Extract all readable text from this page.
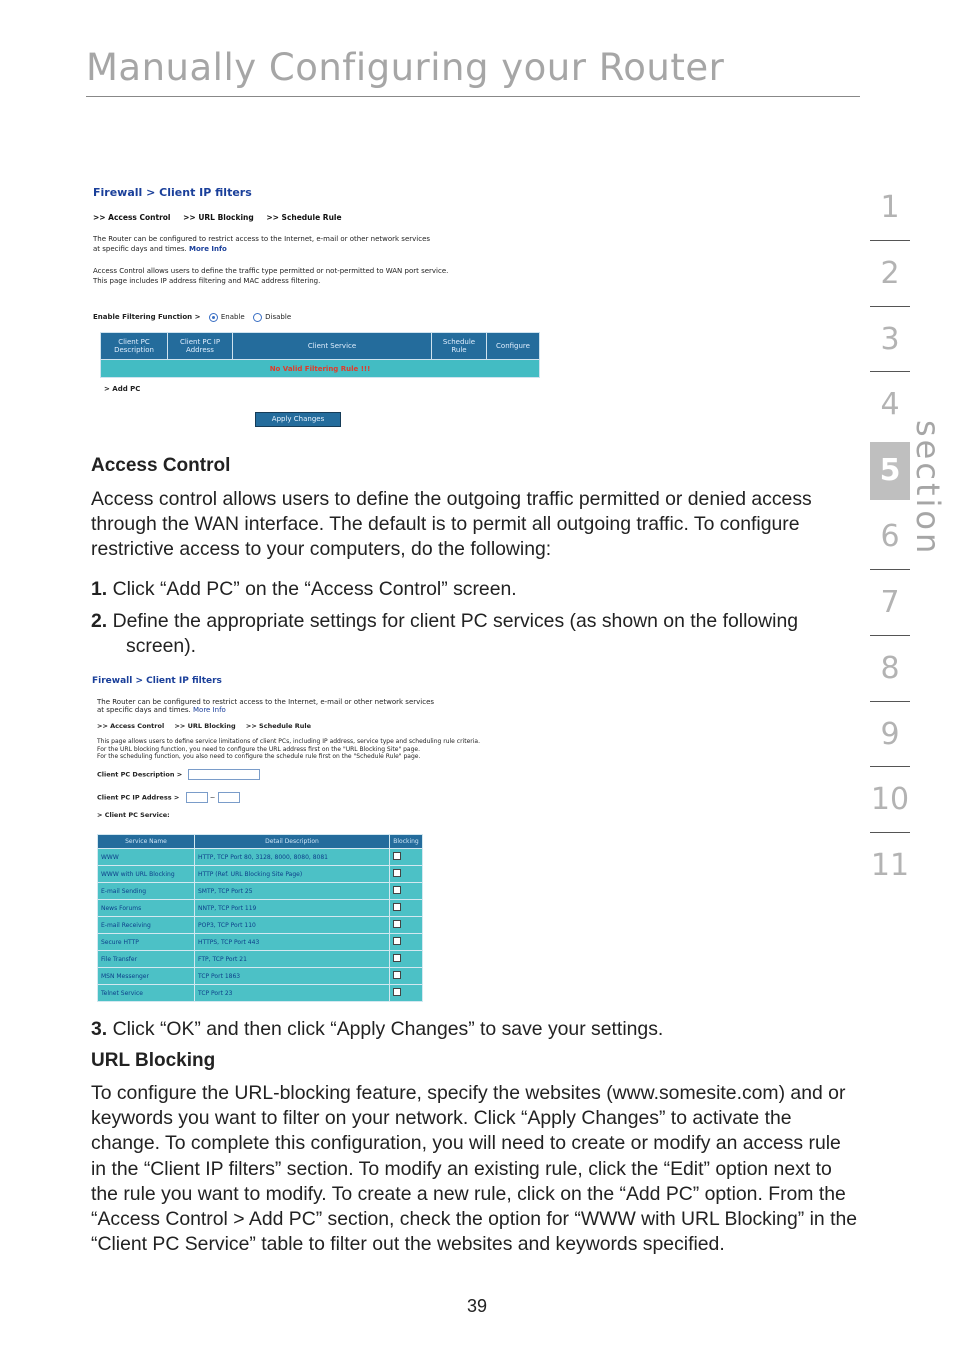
Manually Configuring your Router
1
2
3
4
5
6
7
8
9
10
11
section
Firewall > Client IP filters
>> Access Control >> URL Blocking >> Schedule Rule
The Router can be configured to restrict access to the Internet, e-mail or other network services
at specific days and times. More Info
Access Control allows users to define the traffic type permitted or not-permitted to WAN port service.
This page includes IP address filtering and MAC address filtering.
Enable Filtering Function >	Enable	Disable
Client PC Description	Client PC IP Address	Client Service	Schedule Rule	Configure
No Valid Filtering Rule !!!
> Add PC
Apply Changes
Access Control
Access control allows users to define the outgoing traffic permitted or denied access through the WAN interface. The default is to permit all outgoing traffic. To configure restrictive access to your computers, do the following:
1. Click “Add PC” on the “Access Control” screen.
2. Define the appropriate settings for client PC services (as shown on the following
screen).
Firewall > Client IP filters
The Router can be configured to restrict access to the Internet, e-mail or other network services
at specific days and times. More Info
>> Access Control >> URL Blocking >> Schedule Rule
This page allows users to define service limitations of client PCs, including IP address, service type and scheduling rule criteria.
For the URL blocking function, you need to configure the URL address first on the "URL Blocking Site" page.
For the scheduling function, you also need to configure the schedule rule first on the "Schedule Rule" page.
Client PC Description >
Client PC IP Address >	~
> Client PC Service:
Service Name	Detail Description	Blocking
WWW	HTTP, TCP Port 80, 3128, 8000, 8080, 8081	
WWW with URL Blocking	HTTP (Ref. URL Blocking Site Page)	
E-mail Sending	SMTP, TCP Port 25	
News Forums	NNTP, TCP Port 119	
E-mail Receiving	POP3, TCP Port 110	
Secure HTTP	HTTPS, TCP Port 443	
File Transfer	FTP, TCP Port 21	
MSN Messenger	TCP Port 1863	
Telnet Service	TCP Port 23	
3. Click “OK” and then click “Apply Changes” to save your settings.
URL Blocking
To configure the URL-blocking feature, specify the websites (www.somesite.com) and or keywords you want to filter on your network. Click “Apply Changes” to activate the change. To complete this configuration, you will need to create or modify an access rule in the “Client IP filters” section. To modify an existing rule, click the “Edit” option next to the rule you want to modify. To create a new rule, click on the “Add PC” option. From the “Access Control > Add PC” section, check the option for “WWW with URL Blocking” in the “Client PC Service” table to filter out the websites and keywords specified.
39
